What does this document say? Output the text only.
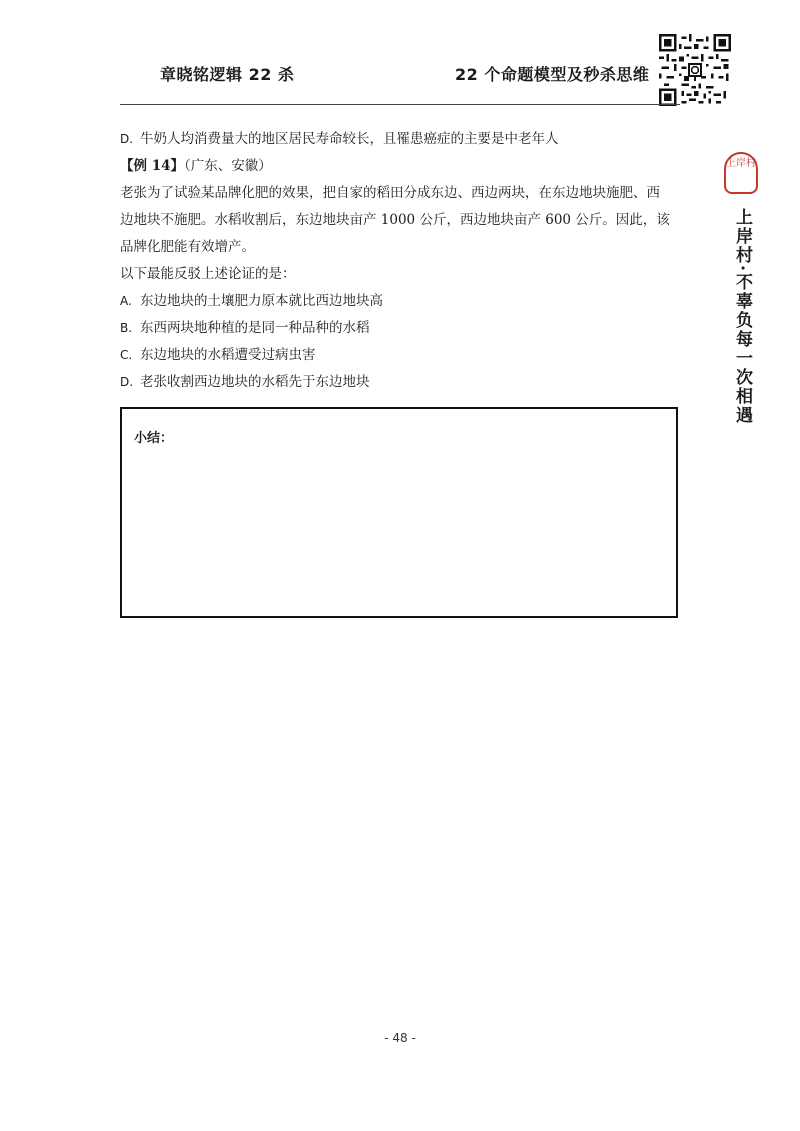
章晓铭逻辑 22 杀	22 个命题模型及秒杀思维
D. 牛奶人均消费量大的地区居民寿命较长，且罹患癌症的主要是中老年人
【例 14】（广东、安徽）
老张为了试验某品牌化肥的效果，把自家的稻田分成东边、西边两块，在东边地块施肥、西
边地块不施肥。水稻收割后，东边地块亩产 1000 公斤，西边地块亩产 600 公斤。因此，该
品牌化肥能有效增产。
以下最能反驳上述论证的是：
A. 东边地块的土壤肥力原本就比西边地块高
B. 东西两块地种植的是同一种品种的水稻
C. 东边地块的水稻遭受过病虫害
D. 老张收割西边地块的水稻先于东边地块
小结：
上岸村
上岸村·不辜负每一次相遇
- 48 -
